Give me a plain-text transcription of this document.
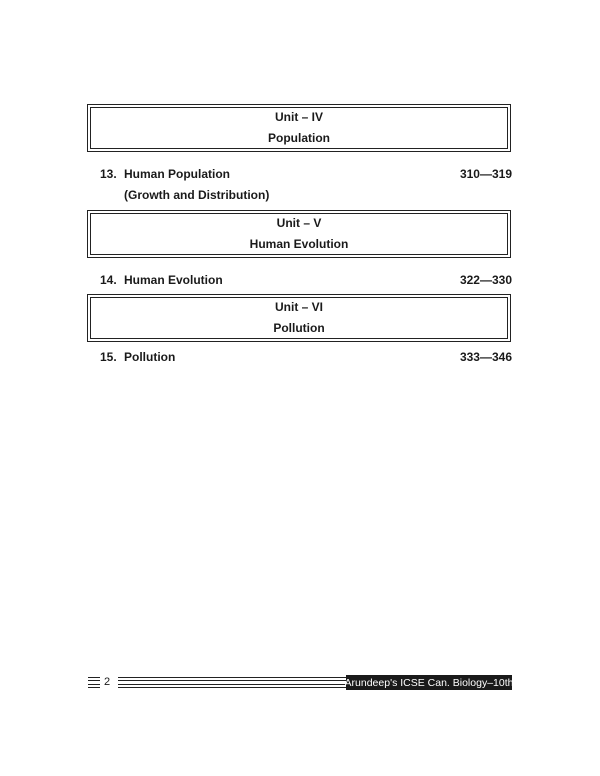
Unit – IV
Population
13. Human Population	310—319
(Growth and Distribution)
Unit – V
Human Evolution
14. Human Evolution	322—330
Unit – VI
Pollution
15. Pollution	333—346
2	Arundeep's ICSE Can. Biology–10th
